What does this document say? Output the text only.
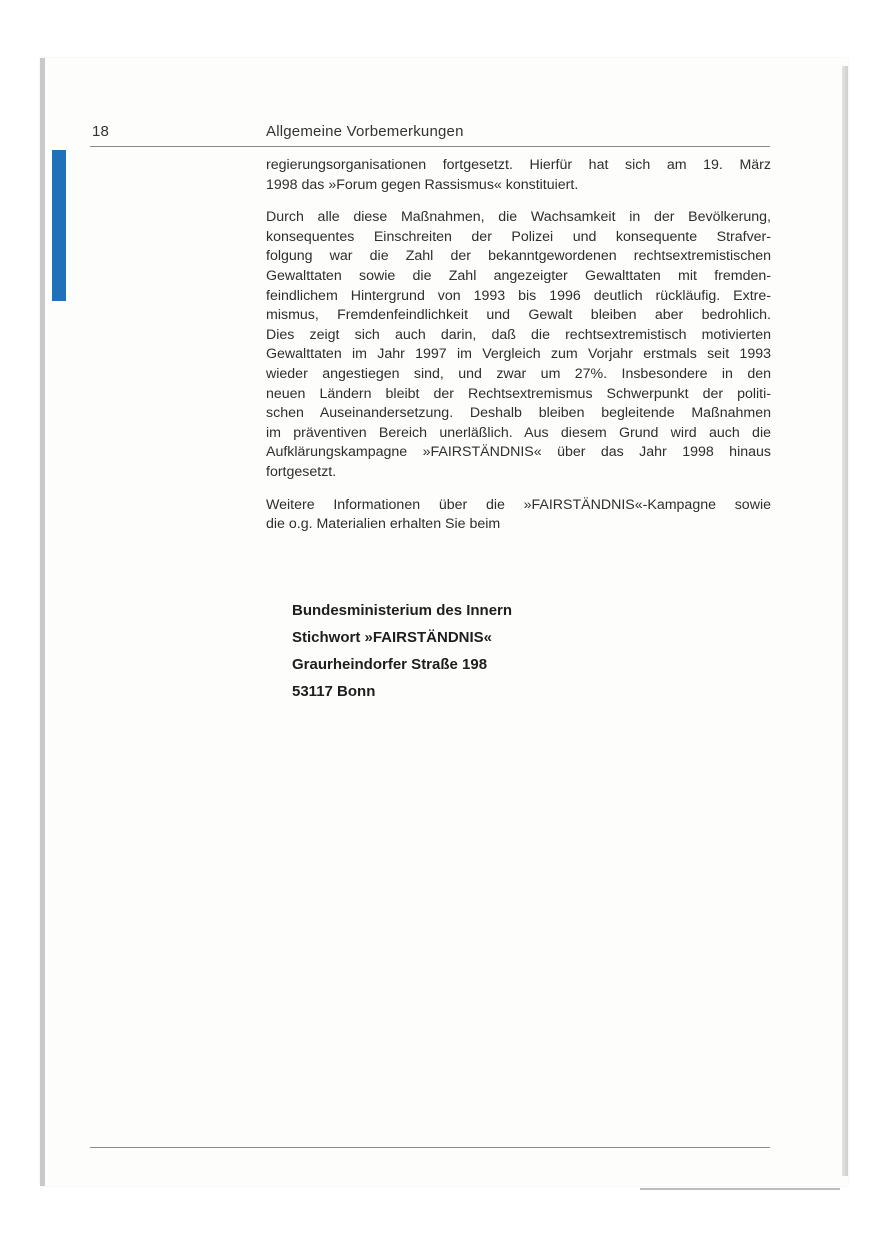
18	Allgemeine Vorbemerkungen

regierungsorganisationen fortgesetzt. Hierfür hat sich am 19. März
1998 das »Forum gegen Rassismus« konstituiert.

Durch alle diese Maßnahmen, die Wachsamkeit in der Bevölkerung,
konsequentes Einschreiten der Polizei und konsequente Strafver-
folgung war die Zahl der bekanntgewordenen rechtsextremistischen
Gewalttaten sowie die Zahl angezeigter Gewalttaten mit fremden-
feindlichem Hintergrund von 1993 bis 1996 deutlich rückläufig. Extre-
mismus, Fremdenfeindlichkeit und Gewalt bleiben aber bedrohlich.
Dies zeigt sich auch darin, daß die rechtsextremistisch motivierten
Gewalttaten im Jahr 1997 im Vergleich zum Vorjahr erstmals seit 1993
wieder angestiegen sind, und zwar um 27%. Insbesondere in den
neuen Ländern bleibt der Rechtsextremismus Schwerpunkt der politi-
schen Auseinandersetzung. Deshalb bleiben begleitende Maßnahmen
im präventiven Bereich unerläßlich. Aus diesem Grund wird auch die
Aufklärungskampagne »FAIRSTÄNDNIS« über das Jahr 1998 hinaus
fortgesetzt.

Weitere Informationen über die »FAIRSTÄNDNIS«-Kampagne sowie
die o.g. Materialien erhalten Sie beim

Bundesministerium des Innern
Stichwort »FAIRSTÄNDNIS«
Graurheindorfer Straße 198
53117 Bonn
